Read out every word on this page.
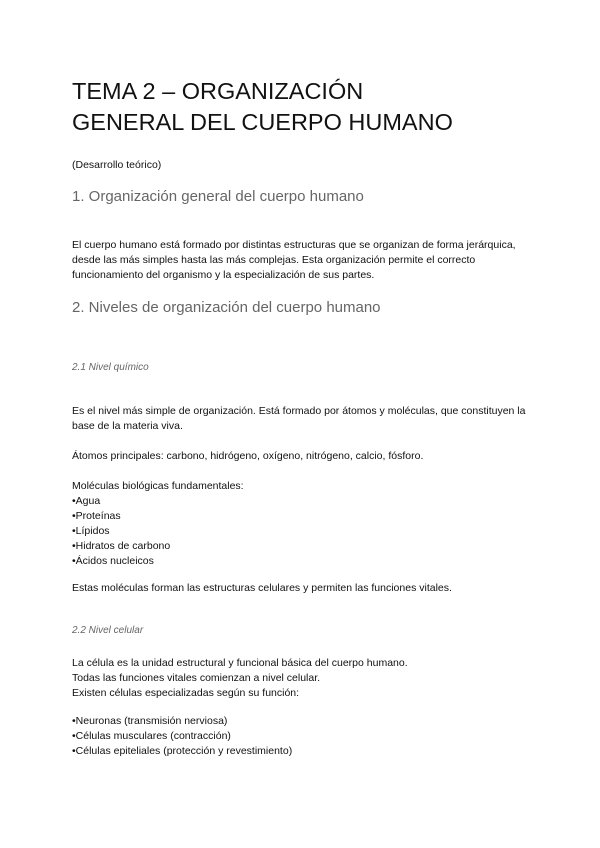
TEMA 2 – ORGANIZACIÓN
GENERAL DEL CUERPO HUMANO
(Desarrollo teórico)
1. Organización general del cuerpo humano

El cuerpo humano está formado por distintas estructuras que se organizan de forma jerárquica, desde las más simples hasta las más complejas. Esta organización permite el correcto funcionamiento del organismo y la especialización de sus partes.

2. Niveles de organización del cuerpo humano
2.1 Nivel químico

Es el nivel más simple de organización. Está formado por átomos y moléculas, que constituyen la base de la materia viva.

Átomos principales: carbono, hidrógeno, oxígeno, nitrógeno, calcio, fósforo.

Moléculas biológicas fundamentales:

•Agua
•Proteínas
•Lípidos
•Hidratos de carbono
•Ácidos nucleicos

Estas moléculas forman las estructuras celulares y permiten las funciones vitales.

2.2 Nivel celular

La célula es la unidad estructural y funcional básica del cuerpo humano.

Todas las funciones vitales comienzan a nivel celular.

Existen células especializadas según su función:

•Neuronas (transmisión nerviosa)
•Células musculares (contracción)
•Células epiteliales (protección y revestimiento)
